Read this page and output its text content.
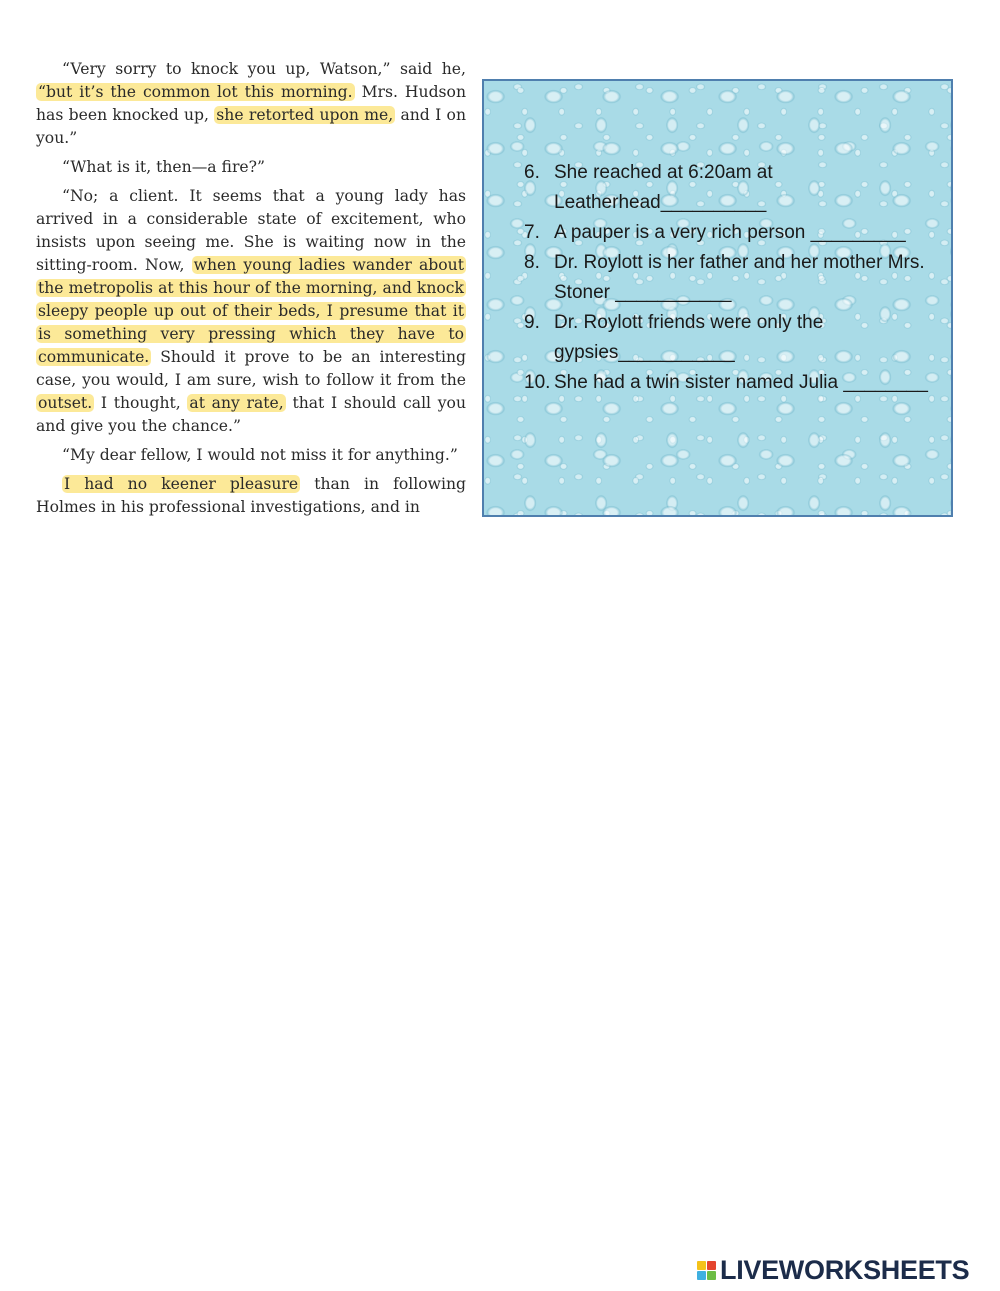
“Very sorry to knock you up, Watson,” said he, “but it’s the common lot this morning. Mrs. Hudson has been knocked up, she retorted upon me, and I on you.”

“What is it, then—a fire?”

“No; a client. It seems that a young lady has arrived in a considerable state of excitement, who insists upon seeing me. She is waiting now in the sitting-room. Now, when young ladies wander about the metropolis at this hour of the morning, and knock sleepy people up out of their beds, I presume that it is something very pressing which they have to communicate. Should it prove to be an interesting case, you would, I am sure, wish to follow it from the outset. I thought, at any rate, that I should call you and give you the chance.”

“My dear fellow, I would not miss it for anything.”

I had no keener pleasure than in following Holmes in his professional investigations, and in

6. She reached at 6:20am at Leatherhead__________
7. A pauper is a very rich person _________
8. Dr. Roylott is her father and her mother Mrs. Stoner ___________
9. Dr. Roylott friends were only the gypsies___________
10. She had a twin sister named Julia ________
LIVEWORKSHEETS
